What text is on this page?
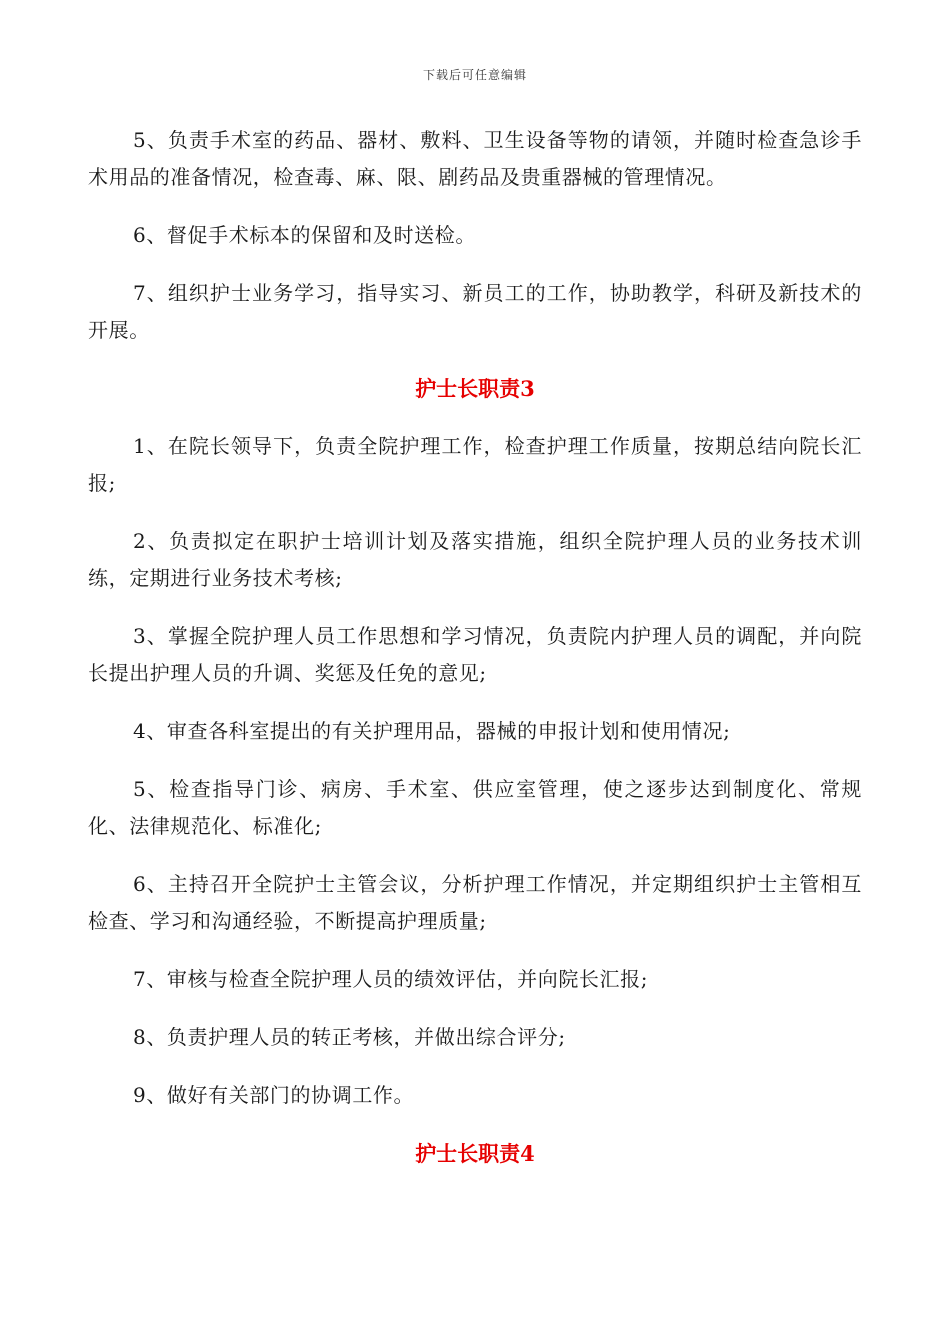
下载后可任意编辑

5、负责手术室的药品、器材、敷料、卫生设备等物的请领，并随时检查急诊手术用品的准备情况，检查毒、麻、限、剧药品及贵重器械的管理情况。

6、督促手术标本的保留和及时送检。

7、组织护士业务学习，指导实习、新员工的工作，协助教学，科研及新技术的开展。

护士长职责3

1、在院长领导下，负责全院护理工作，检查护理工作质量，按期总结向院长汇报;

2、负责拟定在职护士培训计划及落实措施，组织全院护理人员的业务技术训练，定期进行业务技术考核;

3、掌握全院护理人员工作思想和学习情况，负责院内护理人员的调配，并向院长提出护理人员的升调、奖惩及任免的意见;

4、审查各科室提出的有关护理用品，器械的申报计划和使用情况;

5、检查指导门诊、病房、手术室、供应室管理，使之逐步达到制度化、常规化、法律规范化、标准化;

6、主持召开全院护士主管会议，分析护理工作情况，并定期组织护士主管相互检查、学习和沟通经验，不断提高护理质量;

7、审核与检查全院护理人员的绩效评估，并向院长汇报;

8、负责护理人员的转正考核，并做出综合评分;

9、做好有关部门的协调工作。

护士长职责4
